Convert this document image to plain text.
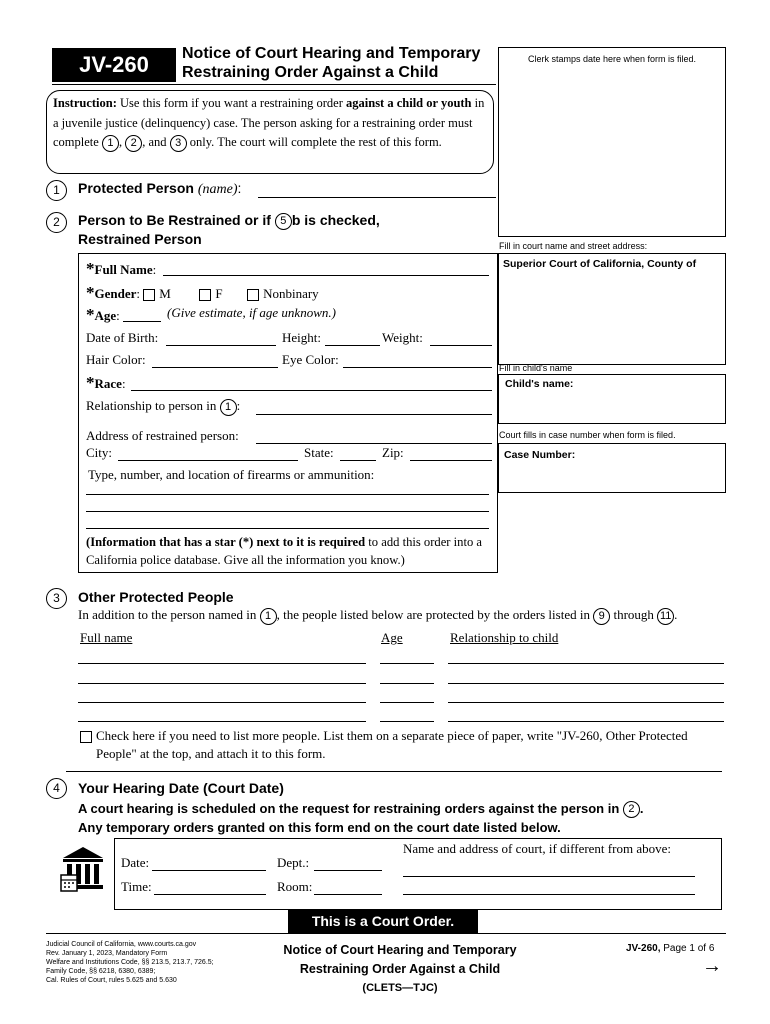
JV-260	Notice of Court Hearing and Temporary
Restraining Order Against a Child
Clerk stamps date here when form is filed.
Fill in court name and street address:
Superior Court of California, County of
Fill in child's name
Child's name:
Court fills in case number when form is filed.
Case Number:
Instruction: Use this form if you want a restraining order against a child or youth in a juvenile justice (delinquency) case. The person asking for a restraining order must complete 1 , 2 , and 3 only. The court will complete the rest of this form.
1	Protected Person (name):
2	Person to Be Restrained or if 5 b is checked,
Restrained Person
*Full Name:
*Gender: M	F	Nonbinary
*Age:	(Give estimate, if age unknown.)
Date of Birth:	Height:	Weight:
Hair Color:	Eye Color:
*Race:
Relationship to person in 1 :
Address of restrained person:
City:	State:	Zip:
Type, number, and location of firearms or ammunition:
(Information that has a star (*) next to it is required to add this order into a California police database. Give all the information you know.)
3	Other Protected People
In addition to the person named in 1 , the people listed below are protected by the orders listed in 9 through 11 .
Full name	Age	Relationship to child
Check here if you need to list more people. List them on a separate piece of paper, write "JV-260, Other Protected People" at the top, and attach it to this form.
4	Your Hearing Date (Court Date)
A court hearing is scheduled on the request for restraining orders against the person in 2 .
Any temporary orders granted on this form end on the court date listed below.
Date:	Dept.:
Time:	Room:
Name and address of court, if different from above:
This is a Court Order.
Judicial Council of California, www.courts.ca.gov
Rev. January 1, 2023, Mandatory Form
Welfare and Institutions Code, §§ 213.5, 213.7, 726.5;
Family Code, §§ 6218, 6380, 6389;
Cal. Rules of Court, rules 5.625 and 5.630
Notice of Court Hearing and Temporary
Restraining Order Against a Child
(CLETS—TJC)
JV-260, Page 1 of 6
→
